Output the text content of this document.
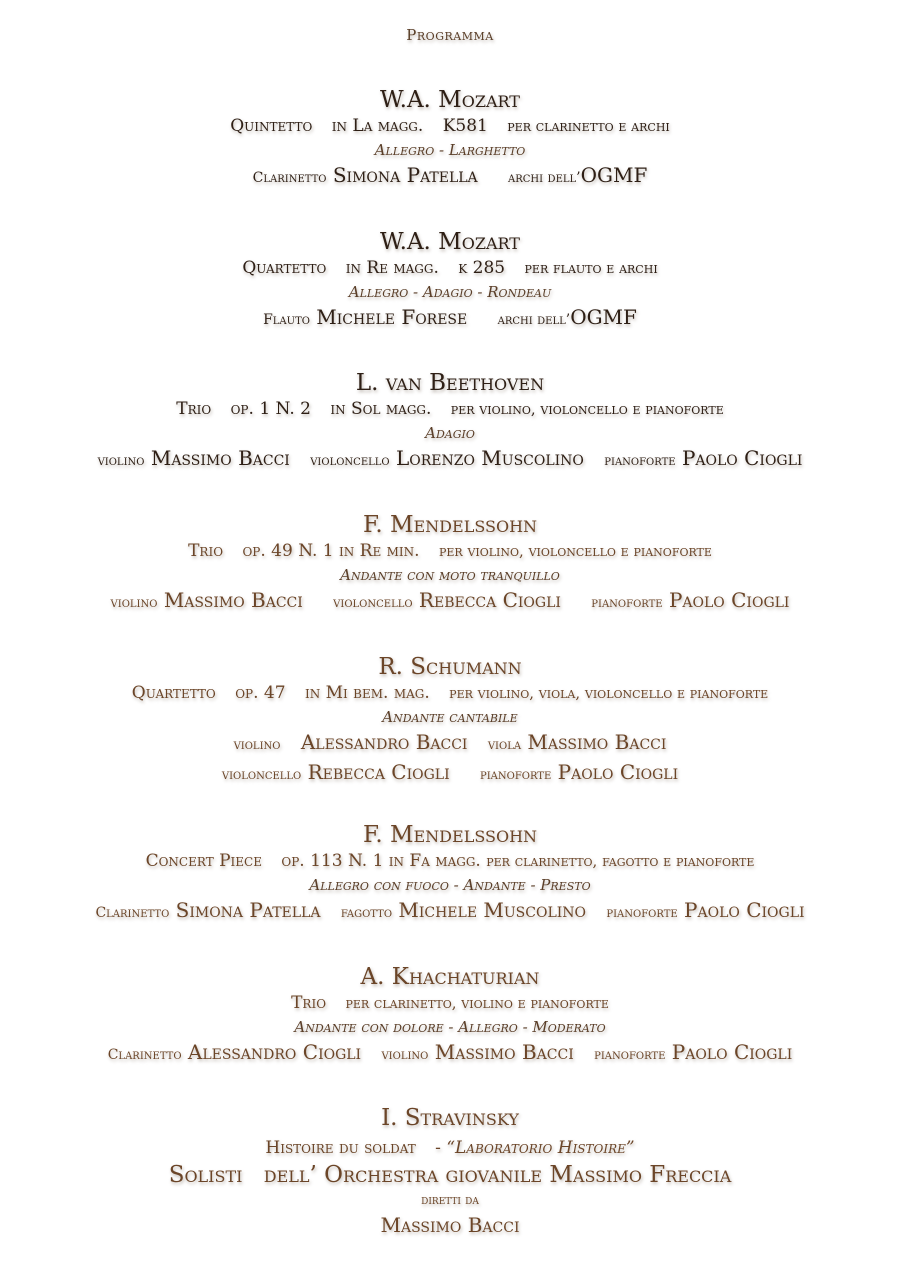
Programma
W.A. Mozart
Quintetto in La magg. K581 per clarinetto e archi
Allegro - Larghetto
Clarinetto Simona Patella archi dell’OGMF
W.A. Mozart
Quartetto in Re magg. k 285 per flauto e archi
Allegro - Adagio - Rondeau
Flauto Michele Forese archi dell’OGMF
L. van Beethoven
Trio op. 1 N. 2 in Sol magg. per violino, violoncello e pianoforte
Adagio
violino Massimo Bacci violoncello Lorenzo Muscolino pianoforte Paolo Ciogli
F. Mendelssohn
Trio op. 49 N. 1 in Re min. per violino, violoncello e pianoforte
Andante con moto tranquillo
violino Massimo Bacci violoncello Rebecca Ciogli pianoforte Paolo Ciogli
R. Schumann
Quartetto op. 47 in Mi bem. mag. per violino, viola, violoncello e pianoforte
Andante cantabile
violino Alessandro Bacci viola Massimo Bacci
violoncello Rebecca Ciogli pianoforte Paolo Ciogli
F. Mendelssohn
Concert Piece op. 113 N. 1 in Fa magg. per clarinetto, fagotto e pianoforte
Allegro con fuoco - Andante - Presto
Clarinetto Simona Patella fagotto Michele Muscolino pianoforte Paolo Ciogli
A. Khachaturian
Trio per clarinetto, violino e pianoforte
Andante con dolore - Allegro - Moderato
Clarinetto Alessandro Ciogli violino Massimo Bacci pianoforte Paolo Ciogli
I. Stravinsky
Histoire du soldat - “Laboratorio Histoire”
Solisti dell’ Orchestra giovanile Massimo Freccia
diretti da
Massimo Bacci
